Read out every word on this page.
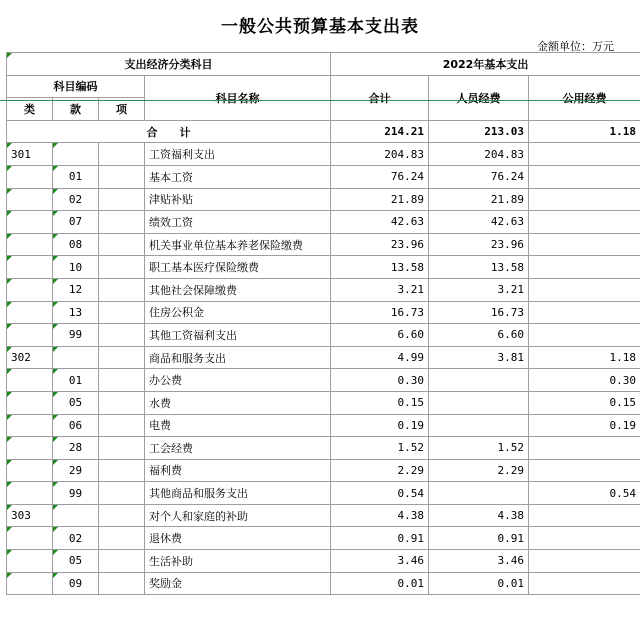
一般公共预算基本支出表
金额单位：万元
支出经济分类科目				2022年基本支出		
科目编码			科目名称	合计	人员经费	公用经费
类	款	项				
合　　计				214.21	213.03	1.18
301			工资福利支出	204.83	204.83	
	01		基本工资	76.24	76.24	
	02		津贴补贴	21.89	21.89	
	07		绩效工资	42.63	42.63	
	08		机关事业单位基本养老保险缴费	23.96	23.96	
	10		职工基本医疗保险缴费	13.58	13.58	
	12		其他社会保障缴费	3.21	3.21	
	13		住房公积金	16.73	16.73	
	99		其他工资福利支出	6.60	6.60	
302			商品和服务支出	4.99	3.81	1.18
	01		办公费	0.30		0.30
	05		水费	0.15		0.15
	06		电费	0.19		0.19
	28		工会经费	1.52	1.52	
	29		福利费	2.29	2.29	
	99		其他商品和服务支出	0.54		0.54
303			对个人和家庭的补助	4.38	4.38	
	02		退休费	0.91	0.91	
	05		生活补助	3.46	3.46	
	09		奖励金	0.01	0.01	
